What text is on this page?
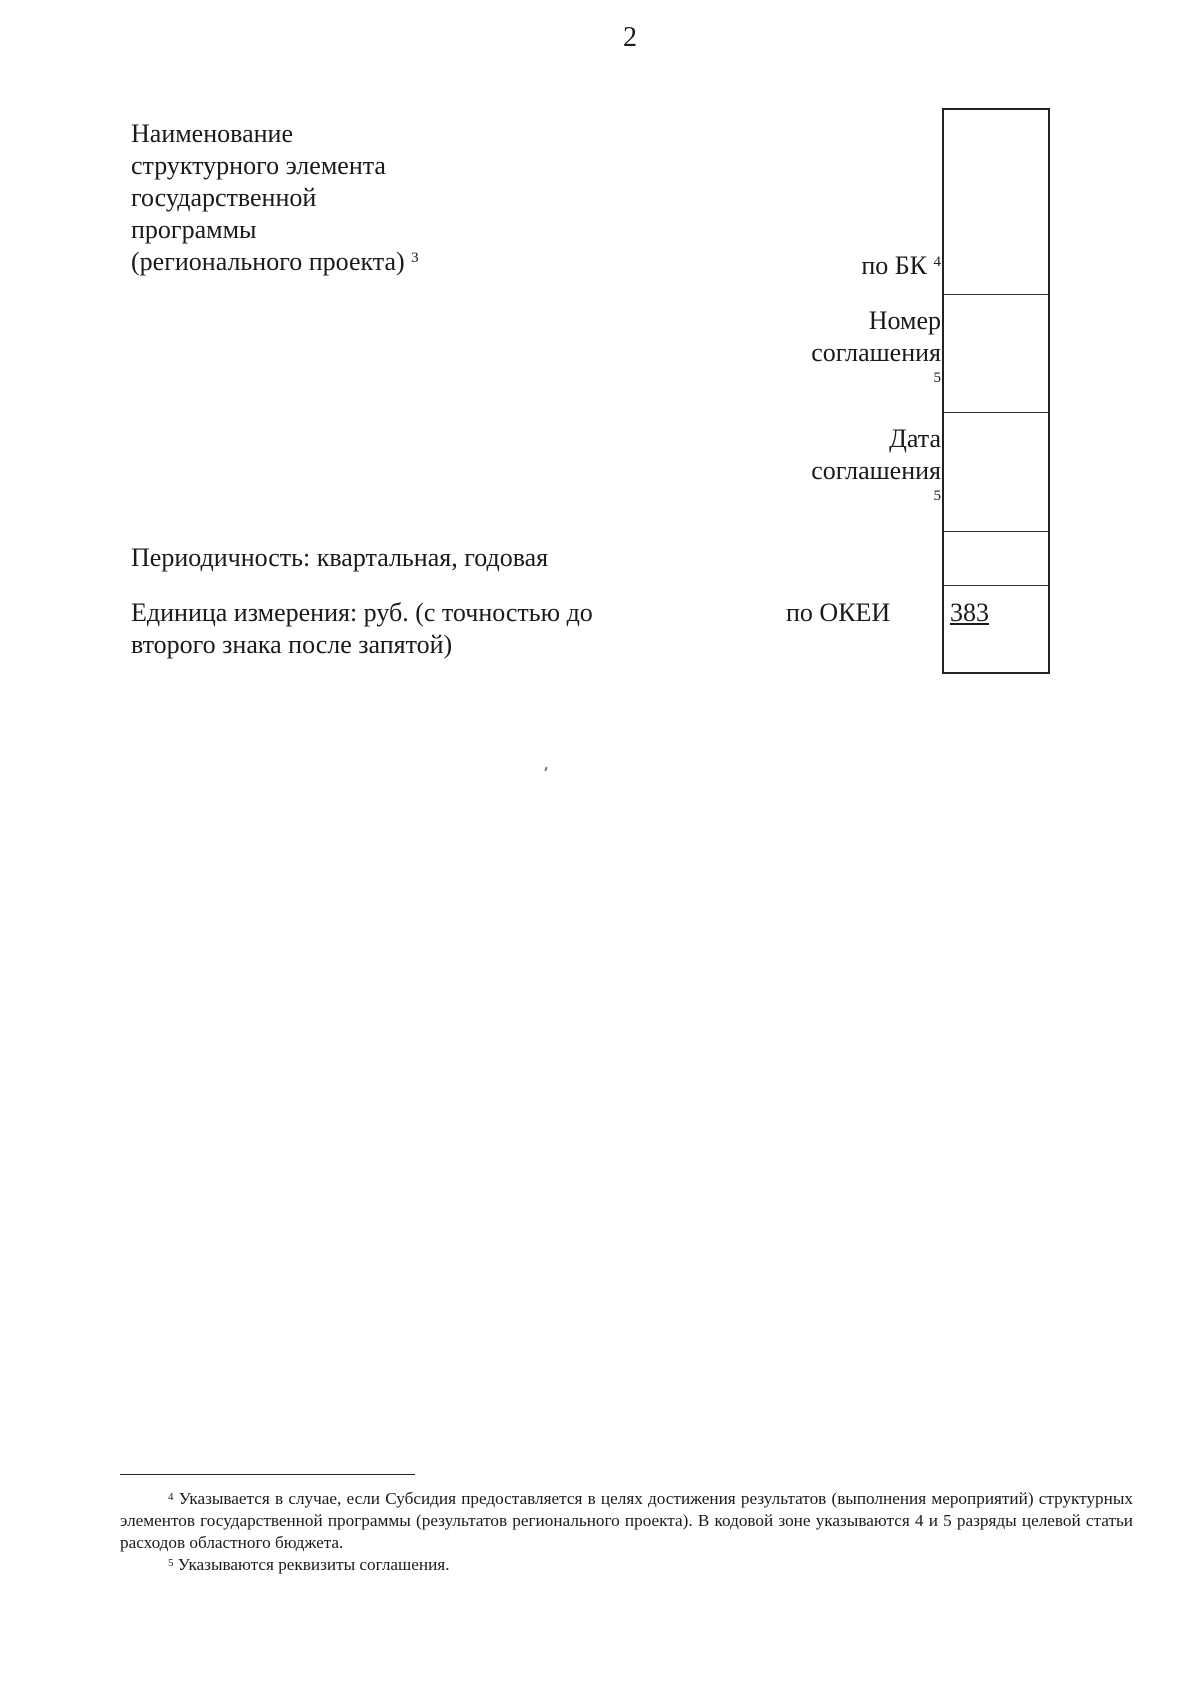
2
Наименование
структурного элемента
государственной
программы
(регионального проекта) $^3$
Периодичность: квартальная, годовая
Единица измерения: руб. (с точностью до
второго знака после запятой)
по БК $^4$
Номер
соглашения
5
Дата
соглашения
5
по ОКЕИ 383

$^4$ Указывается в случае, если Субсидия предоставляется в целях достижения результатов (выполнения мероприятий) структурных элементов государственной программы (результатов регионального проекта). В кодовой зоне указываются 4 и 5 разряды целевой статьи расходов областного бюджета.

$^5$ Указываются реквизиты соглашения.
